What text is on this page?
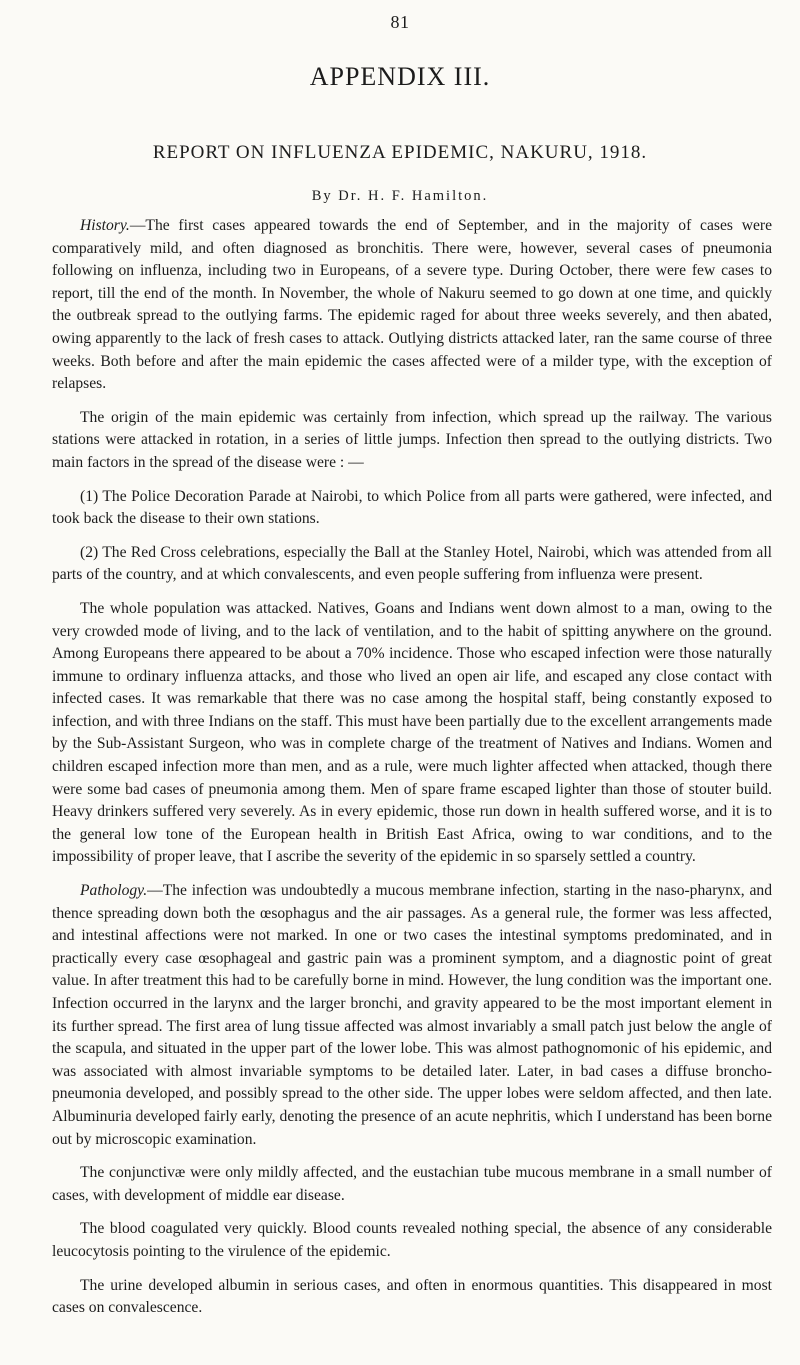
81
APPENDIX III.
REPORT ON INFLUENZA EPIDEMIC, NAKURU, 1918.
By Dr. H. F. Hamilton.

History.—The first cases appeared towards the end of September, and in the majority of cases were comparatively mild, and often diagnosed as bronchitis. There were, however, several cases of pneumonia following on influenza, including two in Europeans, of a severe type. During October, there were few cases to report, till the end of the month. In November, the whole of Nakuru seemed to go down at one time, and quickly the outbreak spread to the outlying farms. The epidemic raged for about three weeks severely, and then abated, owing apparently to the lack of fresh cases to attack. Outlying districts attacked later, ran the same course of three weeks. Both before and after the main epidemic the cases affected were of a milder type, with the exception of relapses.

The origin of the main epidemic was certainly from infection, which spread up the railway. The various stations were attacked in rotation, in a series of little jumps. Infection then spread to the outlying districts. Two main factors in the spread of the disease were : —

(1) The Police Decoration Parade at Nairobi, to which Police from all parts were gathered, were infected, and took back the disease to their own stations.

(2) The Red Cross celebrations, especially the Ball at the Stanley Hotel, Nairobi, which was attended from all parts of the country, and at which convalescents, and even people suffering from influenza were present.

The whole population was attacked. Natives, Goans and Indians went down almost to a man, owing to the very crowded mode of living, and to the lack of ventilation, and to the habit of spitting anywhere on the ground. Among Europeans there appeared to be about a 70% incidence. Those who escaped infection were those naturally immune to ordinary influenza attacks, and those who lived an open air life, and escaped any close contact with infected cases. It was remarkable that there was no case among the hospital staff, being constantly exposed to infection, and with three Indians on the staff. This must have been partially due to the excellent arrangements made by the Sub-Assistant Surgeon, who was in complete charge of the treatment of Natives and Indians. Women and children escaped infection more than men, and as a rule, were much lighter affected when attacked, though there were some bad cases of pneumonia among them. Men of spare frame escaped lighter than those of stouter build. Heavy drinkers suffered very severely. As in every epidemic, those run down in health suffered worse, and it is to the general low tone of the European health in British East Africa, owing to war conditions, and to the impossibility of proper leave, that I ascribe the severity of the epidemic in so sparsely settled a country.

Pathology.—The infection was undoubtedly a mucous membrane infection, starting in the naso-pharynx, and thence spreading down both the œsophagus and the air passages. As a general rule, the former was less affected, and intestinal affections were not marked. In one or two cases the intestinal symptoms predominated, and in practically every case œsophageal and gastric pain was a prominent symptom, and a diagnostic point of great value. In after treatment this had to be carefully borne in mind. However, the lung condition was the important one. Infection occurred in the larynx and the larger bronchi, and gravity appeared to be the most important element in its further spread. The first area of lung tissue affected was almost invariably a small patch just below the angle of the scapula, and situated in the upper part of the lower lobe. This was almost pathognomonic of his epidemic, and was associated with almost invariable symptoms to be detailed later. Later, in bad cases a diffuse broncho-pneumonia developed, and possibly spread to the other side. The upper lobes were seldom affected, and then late. Albuminuria developed fairly early, denoting the presence of an acute nephritis, which I understand has been borne out by microscopic examination.

The conjunctivæ were only mildly affected, and the eustachian tube mucous membrane in a small number of cases, with development of middle ear disease.

The blood coagulated very quickly. Blood counts revealed nothing special, the absence of any considerable leucocytosis pointing to the virulence of the epidemic.

The urine developed albumin in serious cases, and often in enormous quantities. This disappeared in most cases on convalescence.
